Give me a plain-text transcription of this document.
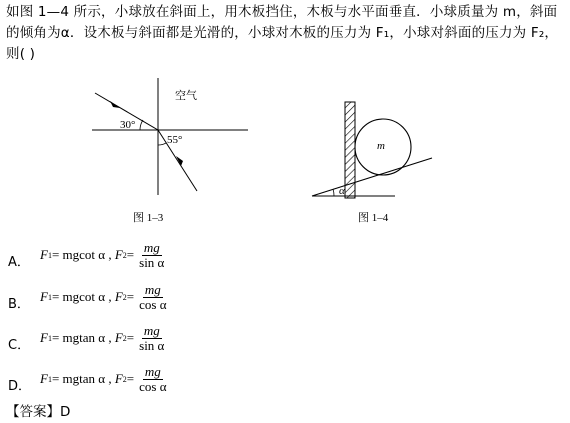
如图 1—4 所示，小球放在斜面上，用木板挡住，木板与水平面垂直．小球质量为 m，斜面的倾角为α．设木板与斜面都是光滑的，小球对木板的压力为 F₁，小球对斜面的压力为 F₂，则( )
空气
30°
55°
图 1–3
m
α
图 1–4
A．
F 1 = mgcot α ,
F $2 = \frac{mg}{\text{sin α}}$
B．
F 1 = mgcot α ,
F $2 = \frac{mg}{\text{cos α}}$
C．
F 1 = mgtan α ,
F $2 = \frac{mg}{\text{sin α}}$
D．
F 1 = mgtan α ,
F $2 = \frac{mg}{\text{cos α}}$
【答案】D
